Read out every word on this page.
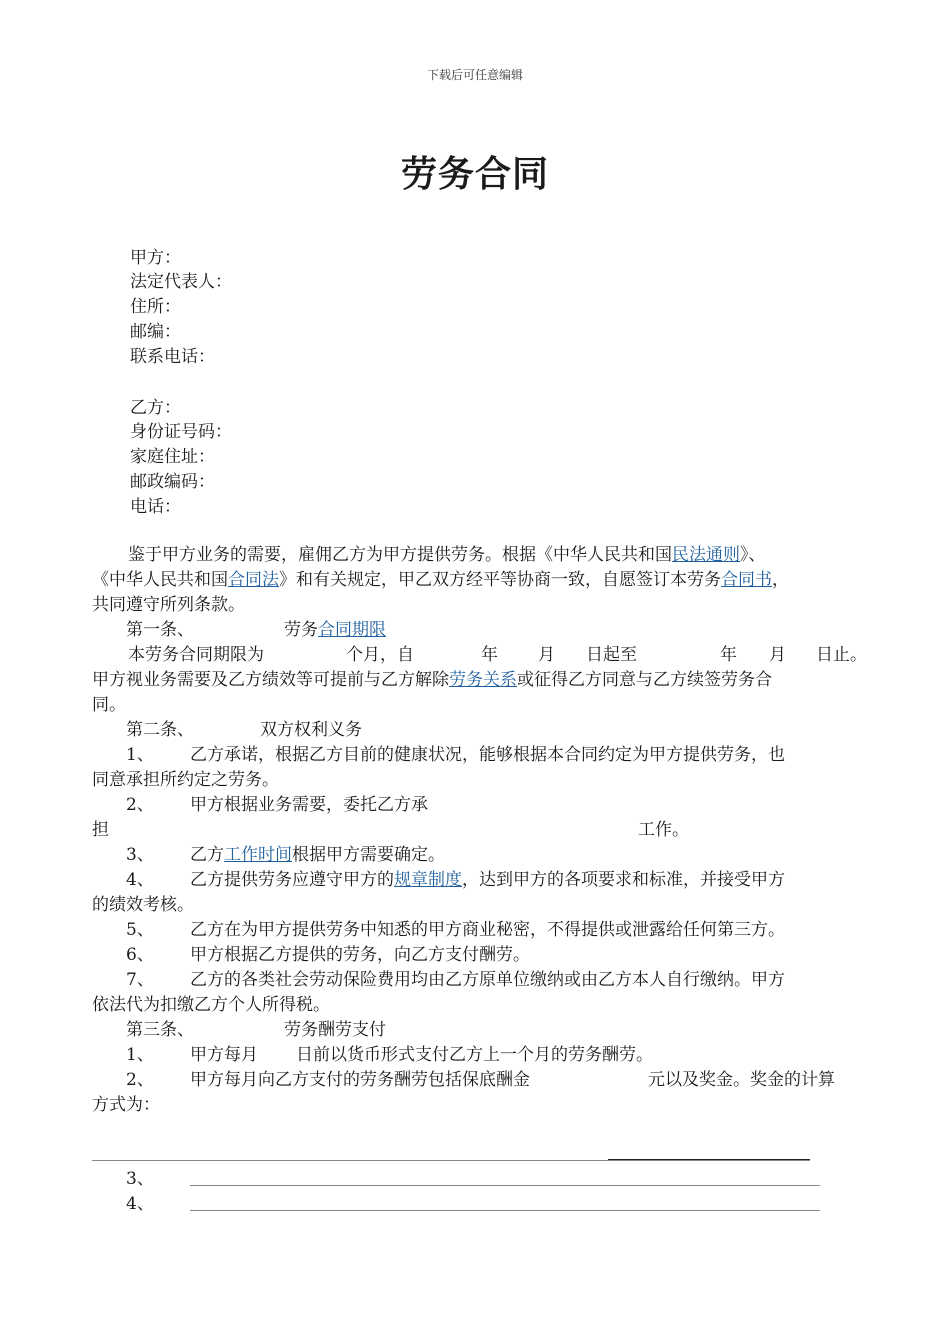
下载后可任意编辑
劳务合同
甲方：
法定代表人：
住所：
邮编：
联系电话：
乙方：
身份证号码：
家庭住址：
邮政编码：
电话：
鉴于甲方业务的需要，雇佣乙方为甲方提供劳务。根据《中华人民共和国民法通则》、
《中华人民共和国合同法》和有关规定，甲乙双方经平等协商一致，自愿签订本劳务合同书，
共同遵守所列条款。
第一条、	劳务合同期限
本劳务合同期限为	个月，自	年 月 日起至	年 月 日止。
甲方视业务需要及乙方绩效等可提前与乙方解除劳务关系或征得乙方同意与乙方续签劳务合
同。
第二条、	双方权利义务
1、 乙方承诺，根据乙方目前的健康状况，能够根据本合同约定为甲方提供劳务，也
同意承担所约定之劳务。
2、 甲方根据业务需要，委托乙方承
担	工作。
3、 乙方工作时间根据甲方需要确定。
4、 乙方提供劳务应遵守甲方的规章制度，达到甲方的各项要求和标准，并接受甲方
的绩效考核。
5、 乙方在为甲方提供劳务中知悉的甲方商业秘密，不得提供或泄露给任何第三方。
6、 甲方根据乙方提供的劳务，向乙方支付酬劳。
7、 乙方的各类社会劳动保险费用均由乙方原单位缴纳或由乙方本人自行缴纳。甲方
依法代为扣缴乙方个人所得税。
第三条、	劳务酬劳支付
1、 甲方每月 日前以货币形式支付乙方上一个月的劳务酬劳。
2、 甲方每月向乙方支付的劳务酬劳包括保底酬金	元以及奖金。奖金的计算
方式为：
3、
4、
